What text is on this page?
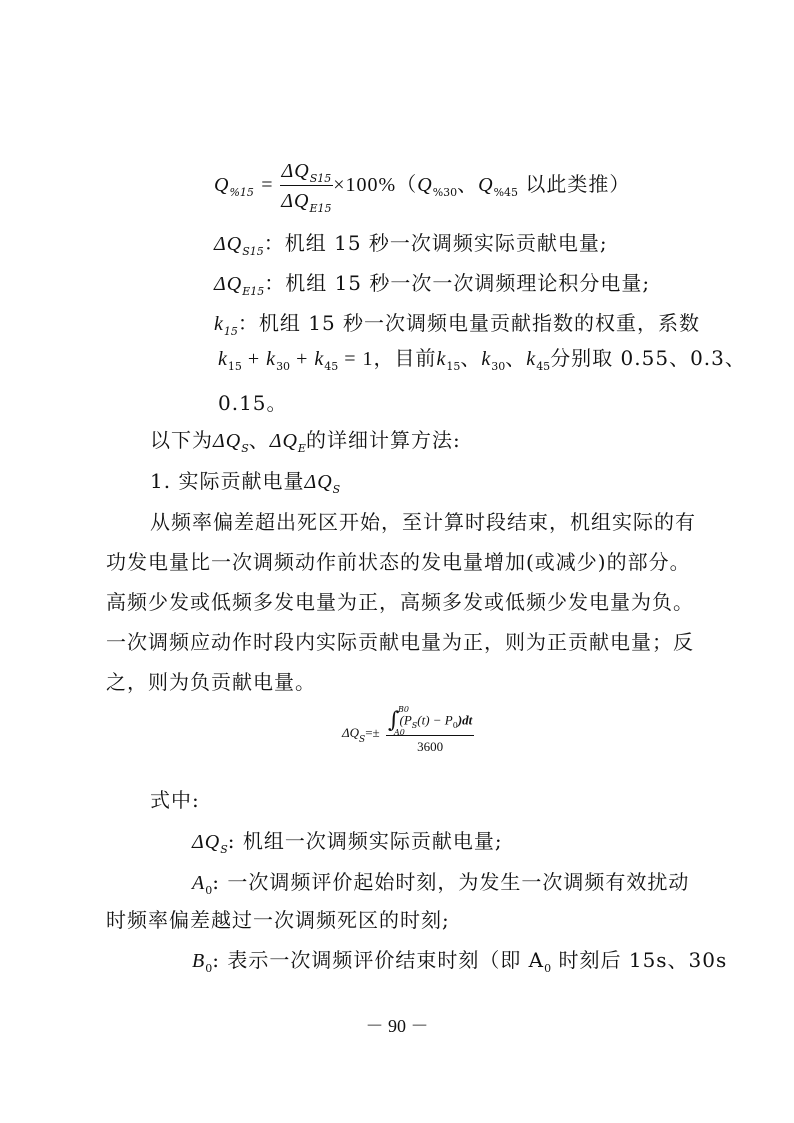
$Q_{\%15} = \frac{\Delta Q_{S15}}{\Delta Q_{E15}} \times 100\%(Q_{\%30}$、$Q_{\%45}$ 以此类推）
$\Delta Q_{S15}$：机组 15 秒一次调频实际贡献电量;
$\Delta Q_{E15}$：机组 15 秒一次一次调频理论积分电量;
$k_{15}$：机组 15 秒一次调频电量贡献指数的权重，系数
$k_{15} + k_{30} + k_{45} = 1$，目前$k_{15}$、$k_{30}$、$k_{45}$分别取 0.55、0.3、
0.15。
以下为$\Delta Q_S$、$\Delta Q_E$的详细计算方法:
1. 实际贡献电量$\Delta Q_S$
从频率偏差超出死区开始，至计算时段结束，机组实际的有
功发电量比一次调频动作前状态的发电量增加(或减少)的部分。
高频少发或低频多发电量为正，高频多发或低频少发电量为负。
一次调频应动作时段内实际贡献电量为正，则为正贡献电量；反
之，则为负贡献电量。
$\Delta Q_S=\pm$ ∫
B0
A0
$(P_S(t) - P_0)dt$
3600
式中:
$\Delta Q_S$: 机组一次调频实际贡献电量;
$A_0$: 一次调频评价起始时刻，为发生一次调频有效扰动
时频率偏差越过一次调频死区的时刻;
$B_0$: 表示一次调频评价结束时刻（即 $A_0$ 时刻后 15s、30s
－ 90 －
